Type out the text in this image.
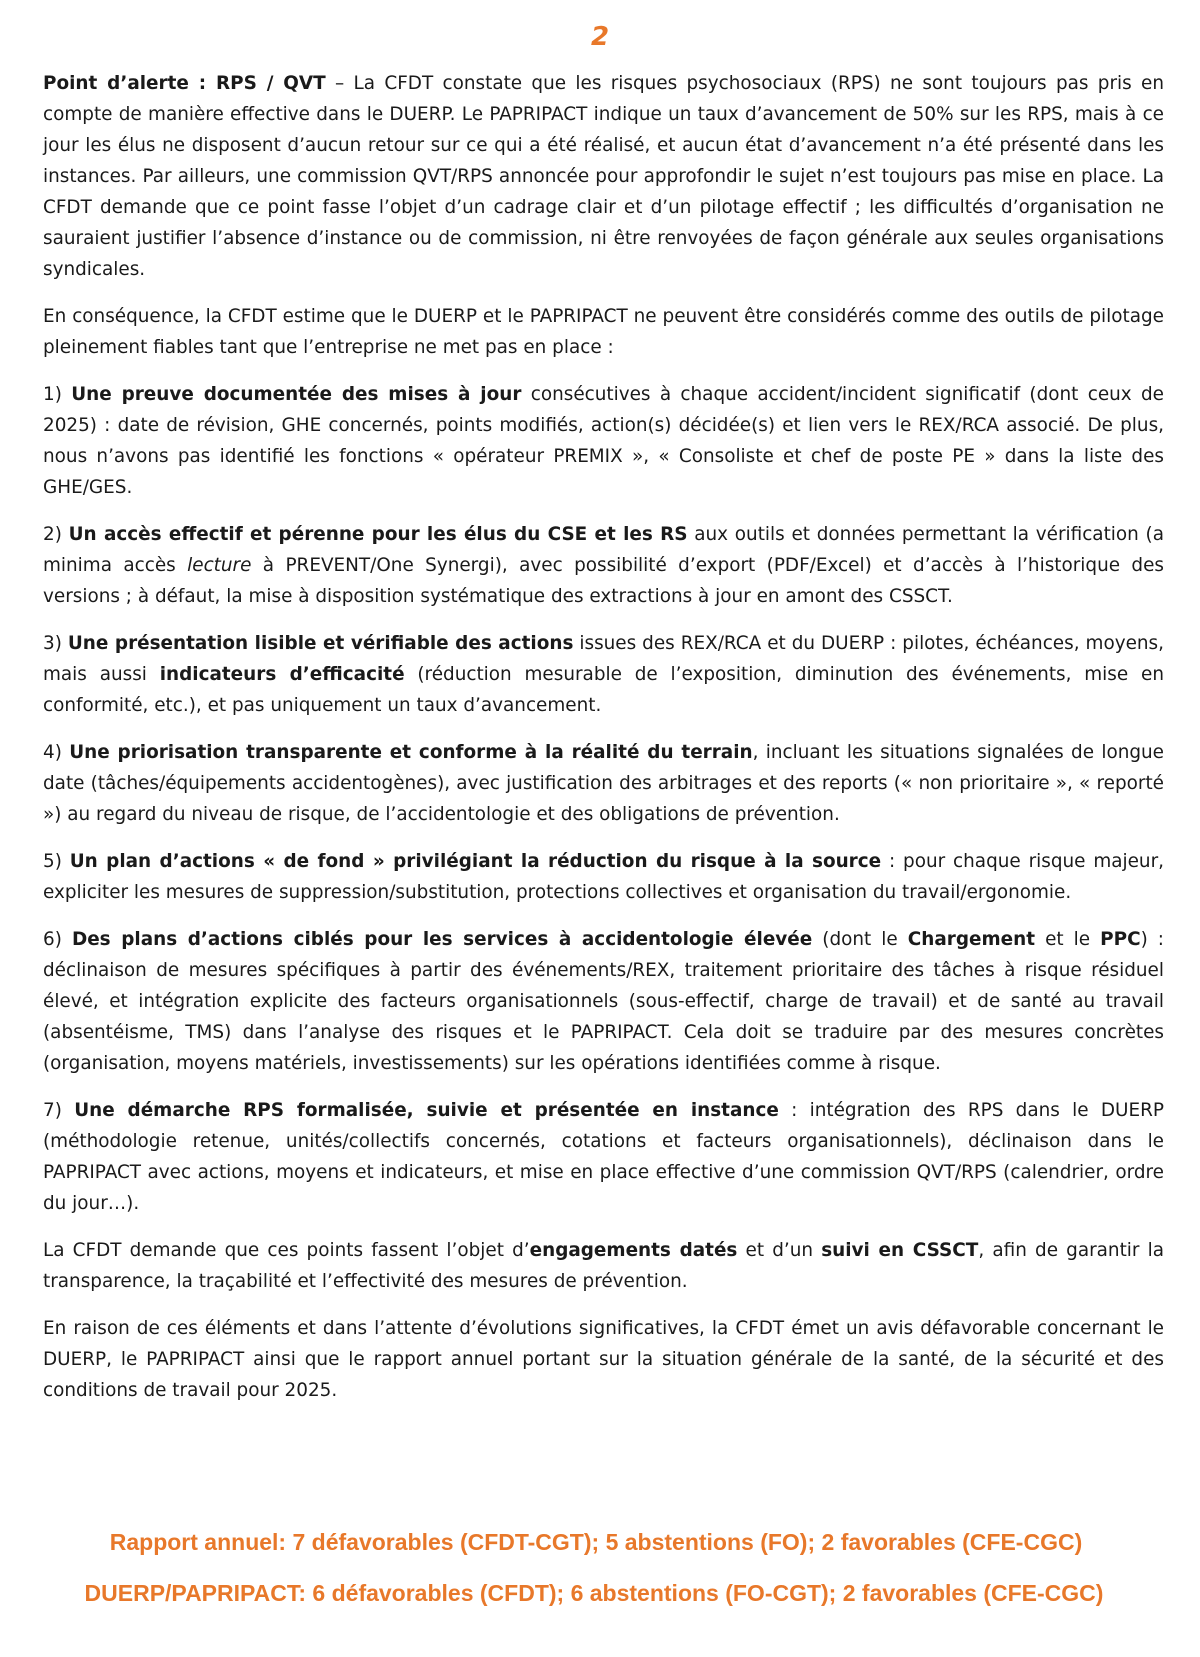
2

Point d’alerte : RPS / QVT – La CFDT constate que les risques psychosociaux (RPS) ne sont toujours pas pris en compte de manière effective dans le DUERP. Le PAPRIPACT indique un taux d’avancement de 50% sur les RPS, mais à ce jour les élus ne disposent d’aucun retour sur ce qui a été réalisé, et aucun état d’avancement n’a été présenté dans les instances. Par ailleurs, une commission QVT/RPS annoncée pour approfondir le sujet n’est toujours pas mise en place. La CFDT demande que ce point fasse l’objet d’un cadrage clair et d’un pilotage effectif ; les difficultés d’organisation ne sauraient justifier l’absence d’instance ou de commission, ni être renvoyées de façon générale aux seules organisations syndicales.

En conséquence, la CFDT estime que le DUERP et le PAPRIPACT ne peuvent être considérés comme des outils de pilotage pleinement fiables tant que l’entreprise ne met pas en place :

1) Une preuve documentée des mises à jour consécutives à chaque accident/incident significatif (dont ceux de 2025) : date de révision, GHE concernés, points modifiés, action(s) décidée(s) et lien vers le REX/RCA associé. De plus, nous n’avons pas identifié les fonctions « opérateur PREMIX », « Consoliste et chef de poste PE » dans la liste des GHE/GES.

2) Un accès effectif et pérenne pour les élus du CSE et les RS aux outils et données permettant la vérification (a minima accès lecture à PREVENT/One Synergi), avec possibilité d’export (PDF/Excel) et d’accès à l’historique des versions ; à défaut, la mise à disposition systématique des extractions à jour en amont des CSSCT.

3) Une présentation lisible et vérifiable des actions issues des REX/RCA et du DUERP : pilotes, échéances, moyens, mais aussi indicateurs d’efficacité (réduction mesurable de l’exposition, diminution des événements, mise en conformité, etc.), et pas uniquement un taux d’avancement.

4) Une priorisation transparente et conforme à la réalité du terrain, incluant les situations signalées de longue date (tâches/équipements accidentogènes), avec justification des arbitrages et des reports (« non prioritaire », « reporté ») au regard du niveau de risque, de l’accidentologie et des obligations de prévention.

5) Un plan d’actions « de fond » privilégiant la réduction du risque à la source : pour chaque risque majeur, expliciter les mesures de suppression/substitution, protections collectives et organisation du travail/ergonomie.

6) Des plans d’actions ciblés pour les services à accidentologie élevée (dont le Chargement et le PPC) : déclinaison de mesures spécifiques à partir des événements/REX, traitement prioritaire des tâches à risque résiduel élevé, et intégration explicite des facteurs organisationnels (sous-effectif, charge de travail) et de santé au travail (absentéisme, TMS) dans l’analyse des risques et le PAPRIPACT. Cela doit se traduire par des mesures concrètes (organisation, moyens matériels, investissements) sur les opérations identifiées comme à risque.

7) Une démarche RPS formalisée, suivie et présentée en instance : intégration des RPS dans le DUERP (méthodologie retenue, unités/collectifs concernés, cotations et facteurs organisationnels), déclinaison dans le PAPRIPACT avec actions, moyens et indicateurs, et mise en place effective d’une commission QVT/RPS (calendrier, ordre du jour…).

La CFDT demande que ces points fassent l’objet d’engagements datés et d’un suivi en CSSCT, afin de garantir la transparence, la traçabilité et l’effectivité des mesures de prévention.

En raison de ces éléments et dans l’attente d’évolutions significatives, la CFDT émet un avis défavorable concernant le DUERP, le PAPRIPACT ainsi que le rapport annuel portant sur la situation générale de la santé, de la sécurité et des conditions de travail pour 2025.

Rapport annuel: 7 défavorables (CFDT-CGT); 5 abstentions (FO); 2 favorables (CFE-CGC)
DUERP/PAPRIPACT: 6 défavorables (CFDT); 6 abstentions (FO-CGT); 2 favorables (CFE-CGC)
